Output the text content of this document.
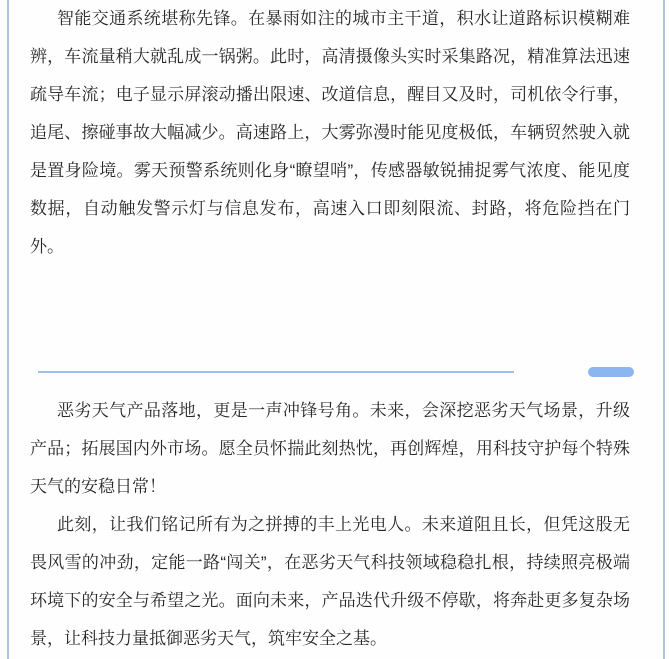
智能交通系统堪称先锋。在暴雨如注的城市主干道，积水让道路标识模糊难辨，车流量稍大就乱成一锅粥。此时，高清摄像头实时采集路况，精准算法迅速疏导车流；电子显示屏滚动播出限速、改道信息，醒目又及时，司机依令行事，追尾、擦碰事故大幅减少。高速路上，大雾弥漫时能见度极低，车辆贸然驶入就是置身险境。雾天预警系统则化身“瞭望哨”，传感器敏锐捕捉雾气浓度、能见度数据，自动触发警示灯与信息发布，高速入口即刻限流、封路，将危险挡在门外。

恶劣天气产品落地，更是一声冲锋号角。未来，会深挖恶劣天气场景，升级产品；拓展国内外市场。愿全员怀揣此刻热忱，再创辉煌，用科技守护每个特殊天气的安稳日常！

此刻，让我们铭记所有为之拼搏的丰上光电人。未来道阻且长，但凭这股无畏风雪的冲劲，定能一路“闯关”，在恶劣天气科技领域稳稳扎根，持续照亮极端环境下的安全与希望之光。面向未来，产品迭代升级不停歇，将奔赴更多复杂场景，让科技力量抵御恶劣天气，筑牢安全之基。
